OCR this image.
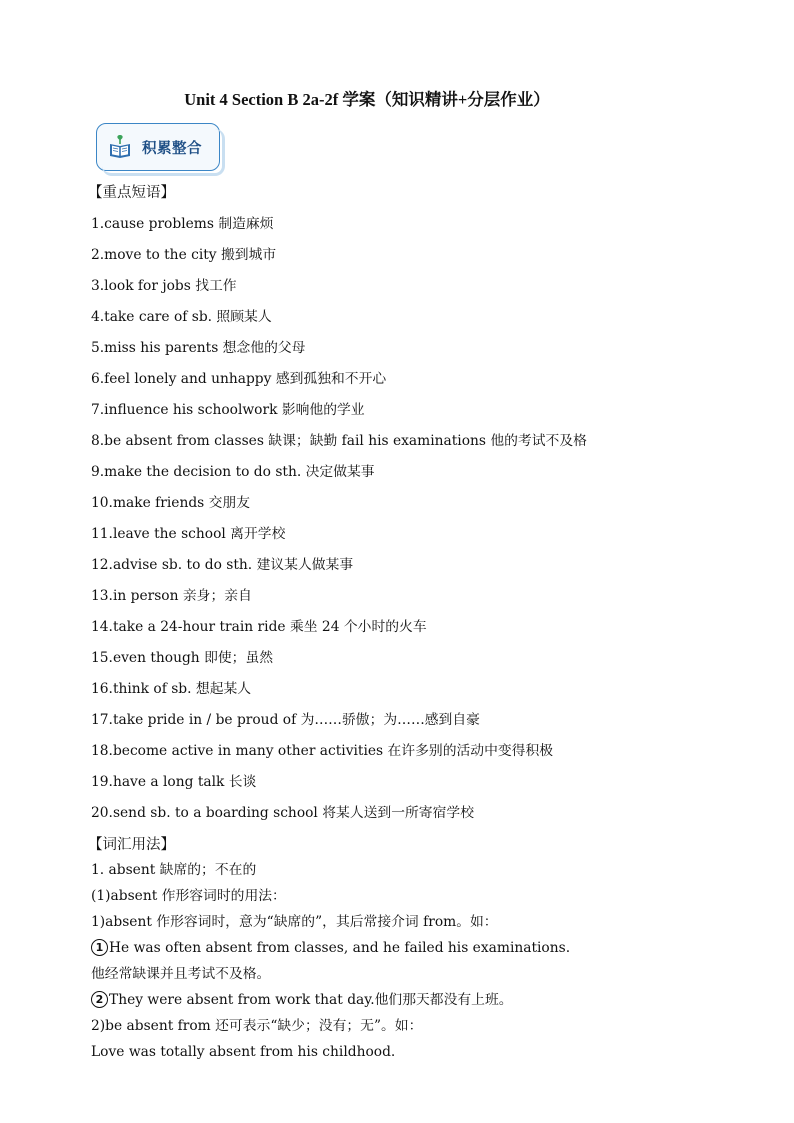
Unit 4 Section B 2a-2f 学案（知识精讲+分层作业）
积累整合
【重点短语】
1.cause problems 制造麻烦
2.move to the city 搬到城市
3.look for jobs 找工作
4.take care of sb. 照顾某人
5.miss his parents 想念他的父母
6.feel lonely and unhappy 感到孤独和不开心
7.influence his schoolwork 影响他的学业
8.be absent from classes 缺课；缺勤 fail his examinations 他的考试不及格
9.make the decision to do sth. 决定做某事
10.make friends 交朋友
11.leave the school 离开学校
12.advise sb. to do sth. 建议某人做某事
13.in person 亲身；亲自
14.take a 24-hour train ride 乘坐 24 个小时的火车
15.even though 即使；虽然
16.think of sb. 想起某人
17.take pride in / be proud of 为……骄傲；为……感到自豪
18.become active in many other activities 在许多别的活动中变得积极
19.have a long talk 长谈
20.send sb. to a boarding school 将某人送到一所寄宿学校
【词汇用法】
1. absent 缺席的；不在的
(1)absent 作形容词时的用法：
1)absent 作形容词时，意为“缺席的”，其后常接介词 from。如：
1 He was often absent from classes, and he failed his examinations.
他经常缺课并且考试不及格。
2 They were absent from work that day.他们那天都没有上班。
2)be absent from 还可表示“缺少；没有；无”。如：
Love was totally absent from his childhood.
